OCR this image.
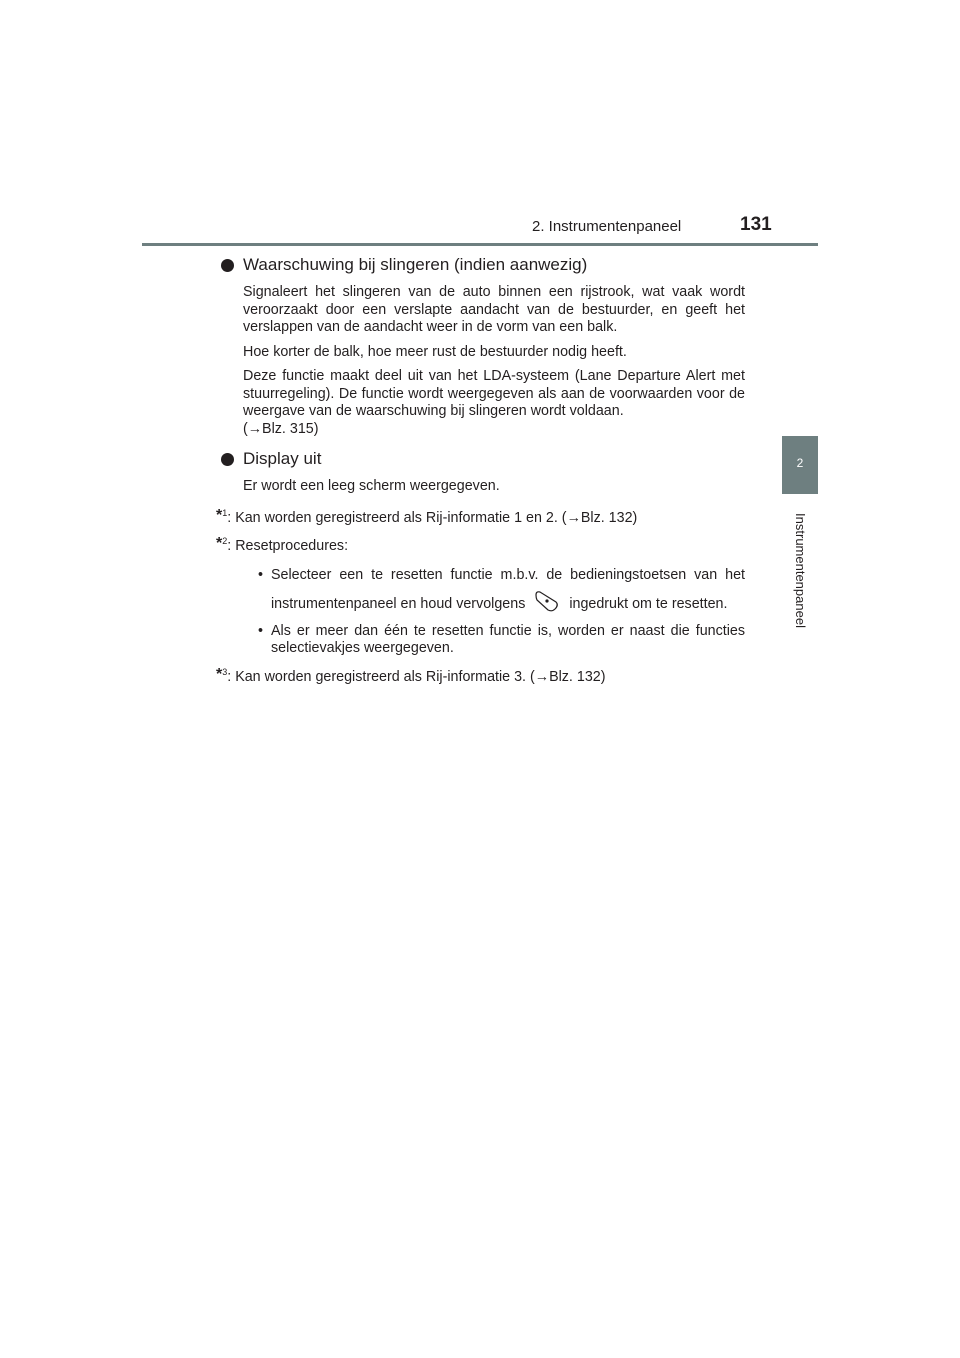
2. Instrumentenpaneel	131
2
Instrumentenpaneel
Waarschuwing bij slingeren (indien aanwezig)

Signaleert het slingeren van de auto binnen een rijstrook, wat vaak wordt veroorzaakt door een verslapte aandacht van de bestuurder, en geeft het verslappen van de aandacht weer in de vorm van een balk.

Hoe korter de balk, hoe meer rust de bestuurder nodig heeft.

Deze functie maakt deel uit van het LDA-systeem (Lane Departure Alert met stuurregeling). De functie wordt weergegeven als aan de voorwaarden voor de weergave van de waarschuwing bij slingeren wordt voldaan.

(→Blz. 315)

Display uit

Er wordt een leeg scherm weergegeven.

*$^1$: Kan worden geregistreerd als Rij-informatie 1 en 2. (→Blz. 132)
*$^2$: Resetprocedures:
• Selecteer een te resetten functie m.b.v. de bedieningstoetsen van het instrumentenpaneel en houd vervolgens	ingedrukt om te resetten.
• Als er meer dan één te resetten functie is, worden er naast die functies selectievakjes weergegeven.
*$^3$: Kan worden geregistreerd als Rij-informatie 3. (→Blz. 132)
